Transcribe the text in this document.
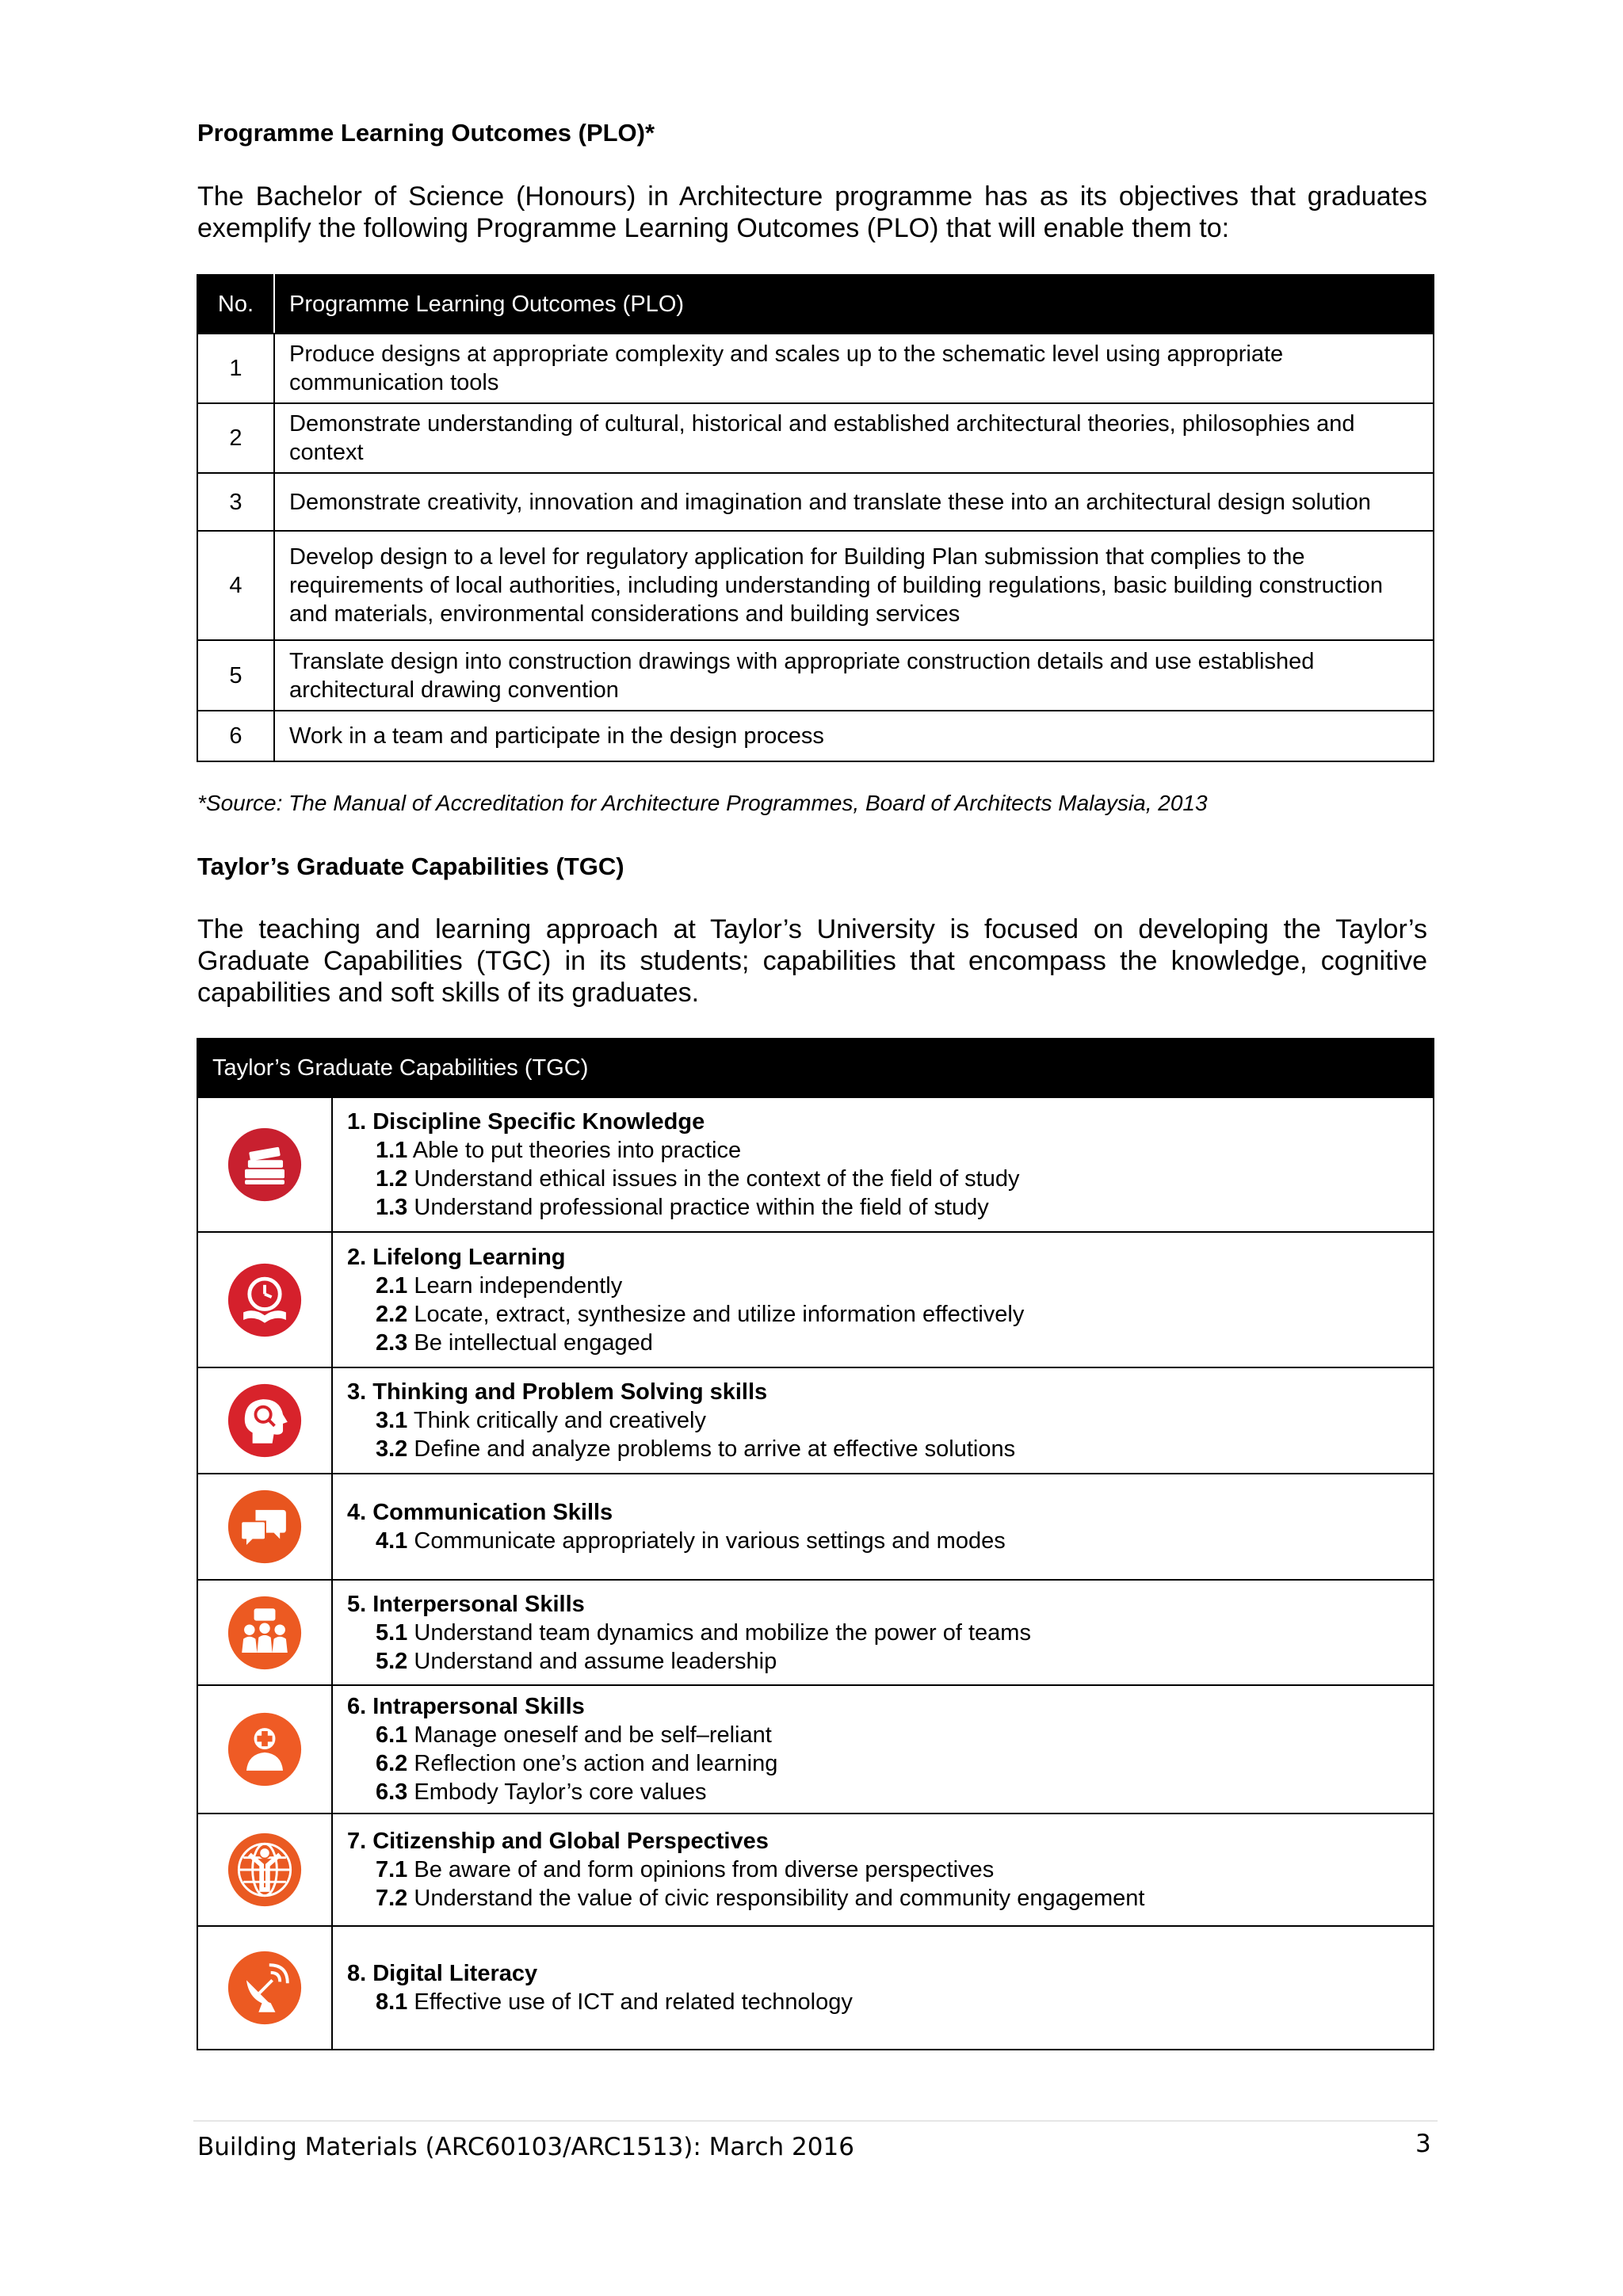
Programme Learning Outcomes (PLO)*
The Bachelor of Science (Honours) in Architecture programme has as its objectives that graduates exemplify the following Programme Learning Outcomes (PLO) that will enable them to:
No.	Programme Learning Outcomes (PLO)
1	Produce designs at appropriate complexity and scales up to the schematic level using appropriate communication tools
2	Demonstrate understanding of cultural, historical and established architectural theories, philosophies and context
3	Demonstrate creativity, innovation and imagination and translate these into an architectural design solution
4	Develop design to a level for regulatory application for Building Plan submission that complies to the requirements of local authorities, including understanding of building regulations, basic building construction and materials, environmental considerations and building services
5	Translate design into construction drawings with appropriate construction details and use established architectural drawing convention
6	Work in a team and participate in the design process
*Source: The Manual of Accreditation for Architecture Programmes, Board of Architects Malaysia, 2013
Taylor’s Graduate Capabilities (TGC)
The teaching and learning approach at Taylor’s University is focused on developing the Taylor’s Graduate Capabilities (TGC) in its students; capabilities that encompass the knowledge, cognitive capabilities and soft skills of its graduates.
Taylor’s Graduate Capabilities (TGC)	

1. Discipline Specific Knowledge
1.1 Able to put theories into practice
1.2 Understand ethical issues in the context of the field of study
1.3 Understand professional practice within the field of study

2. Lifelong Learning
2.1 Learn independently
2.2 Locate, extract, synthesize and utilize information effectively
2.3 Be intellectual engaged

3. Thinking and Problem Solving skills
3.1 Think critically and creatively
3.2 Define and analyze problems to arrive at effective solutions

4. Communication Skills
4.1 Communicate appropriately in various settings and modes

5. Interpersonal Skills
5.1 Understand team dynamics and mobilize the power of teams
5.2 Understand and assume leadership

6. Intrapersonal Skills
6.1 Manage oneself and be self–reliant
6.2 Reflection one’s action and learning
6.3 Embody Taylor’s core values

7. Citizenship and Global Perspectives
7.1 Be aware of and form opinions from diverse perspectives
7.2 Understand the value of civic responsibility and community engagement

8. Digital Literacy
8.1 Effective use of ICT and related technology
Building Materials (ARC60103/ARC1513): March 2016	3
